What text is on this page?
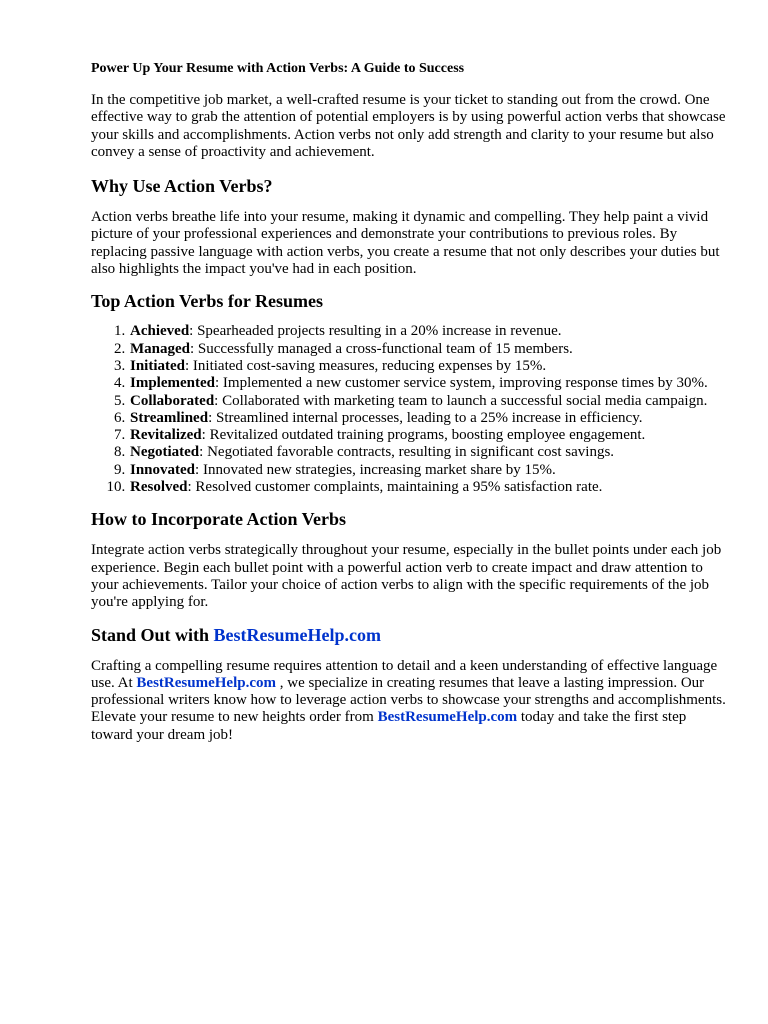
Power Up Your Resume with Action Verbs: A Guide to Success

In the competitive job market, a well-crafted resume is your ticket to standing out from the crowd. One effective way to grab the attention of potential employers is by using powerful action verbs that showcase your skills and accomplishments. Action verbs not only add strength and clarity to your resume but also convey a sense of proactivity and achievement.

Why Use Action Verbs?

Action verbs breathe life into your resume, making it dynamic and compelling. They help paint a vivid picture of your professional experiences and demonstrate your contributions to previous roles. By replacing passive language with action verbs, you create a resume that not only describes your duties but also highlights the impact you've had in each position.

Top Action Verbs for Resumes
1. Achieved: Spearheaded projects resulting in a 20% increase in revenue.
2. Managed: Successfully managed a cross-functional team of 15 members.
3. Initiated: Initiated cost-saving measures, reducing expenses by 15%.
4. Implemented: Implemented a new customer service system, improving response times by 30%.
5. Collaborated: Collaborated with marketing team to launch a successful social media campaign.
6. Streamlined: Streamlined internal processes, leading to a 25% increase in efficiency.
7. Revitalized: Revitalized outdated training programs, boosting employee engagement.
8. Negotiated: Negotiated favorable contracts, resulting in significant cost savings.
9. Innovated: Innovated new strategies, increasing market share by 15%.
10. Resolved: Resolved customer complaints, maintaining a 95% satisfaction rate.
How to Incorporate Action Verbs

Integrate action verbs strategically throughout your resume, especially in the bullet points under each job experience. Begin each bullet point with a powerful action verb to create impact and draw attention to your achievements. Tailor your choice of action verbs to align with the specific requirements of the job you're applying for.

Stand Out with BestResumeHelp.com

Crafting a compelling resume requires attention to detail and a keen understanding of effective language use. At BestResumeHelp.com , we specialize in creating resumes that leave a lasting impression. Our professional writers know how to leverage action verbs to showcase your strengths and accomplishments. Elevate your resume to new heights order from BestResumeHelp.com today and take the first step toward your dream job!
